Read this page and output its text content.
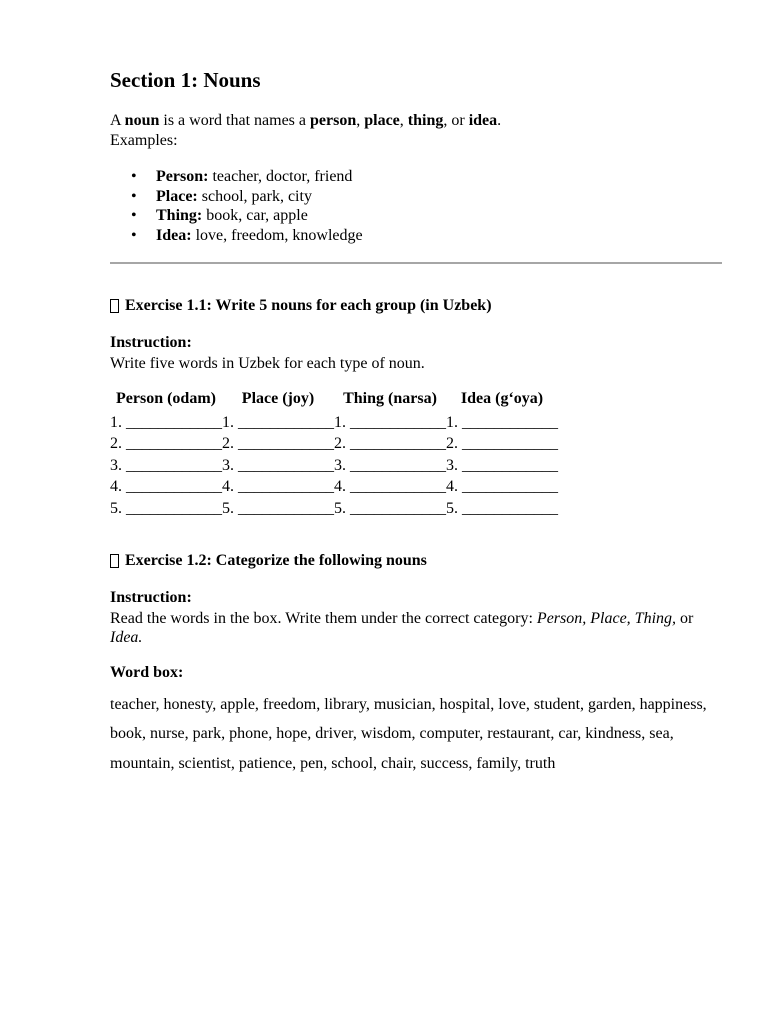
Section 1: Nouns
A noun is a word that names a person, place, thing, or idea.
Examples:
• Person: teacher, doctor, friend
• Place: school, park, city
• Thing: book, car, apple
• Idea: love, freedom, knowledge
Exercise 1.1: Write 5 nouns for each group (in Uzbek)
Instruction:
Write five words in Uzbek for each type of noun.
Person (odam)	Place (joy)	Thing (narsa)	Idea (g‘oya)
1. ____________	1. ____________	1. ____________	1. ____________
2. ____________	2. ____________	2. ____________	2. ____________
3. ____________	3. ____________	3. ____________	3. ____________
4. ____________	4. ____________	4. ____________	4. ____________
5. ____________	5. ____________	5. ____________	5. ____________
Exercise 1.2: Categorize the following nouns
Instruction:
Read the words in the box. Write them under the correct category: Person, Place, Thing, or Idea.
Word box:
teacher, honesty, apple, freedom, library, musician, hospital, love, student, garden, happiness, book, nurse, park, phone, hope, driver, wisdom, computer, restaurant, car, kindness, sea, mountain, scientist, patience, pen, school, chair, success, family, truth
